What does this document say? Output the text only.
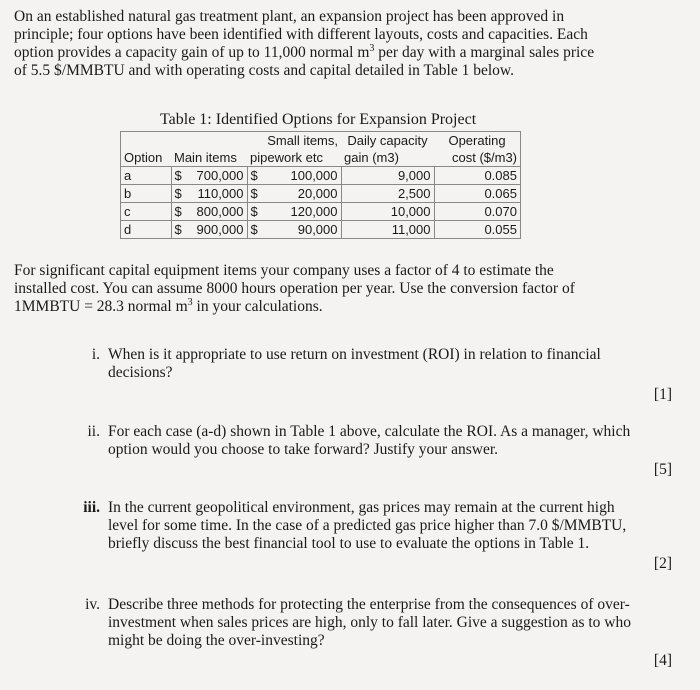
On an established natural gas treatment plant, an expansion project has been approved in
principle; four options have been identified with different layouts, costs and capacities. Each
option provides a capacity gain of up to 11,000 normal $m^3$ per day with a marginal sales price
of 5.5 $/MMBTU and with operating costs and capital detailed in Table 1 below.
Table 1: Identified Options for Expansion Project
		Small items,	Daily capacity	Operating
Option	Main items	pipework etc	gain (m3)	cost ($/m3)
a	$ 700,000	$ 100,000	9,000	0.085
b	$ 110,000	$ 20,000	2,500	0.065
c	$ 800,000	$ 120,000	10,000	0.070
d	$ 900,000	$ 90,000	11,000	0.055
For significant capital equipment items your company uses a factor of 4 to estimate the
installed cost. You can assume 8000 hours operation per year. Use the conversion factor of
1MMBTU = 28.3 normal $m^3$ in your calculations.
i. When is it appropriate to use return on investment (ROI) in relation to financial
decisions?
[1]
ii. For each case (a-d) shown in Table 1 above, calculate the ROI. As a manager, which
option would you choose to take forward? Justify your answer.
[5]
iii. In the current geopolitical environment, gas prices may remain at the current high
level for some time. In the case of a predicted gas price higher than 7.0 $/MMBTU,
briefly discuss the best financial tool to use to evaluate the options in Table 1.
[2]
iv. Describe three methods for protecting the enterprise from the consequences of over-
investment when sales prices are high, only to fall later. Give a suggestion as to who
might be doing the over-investing?
[4]
